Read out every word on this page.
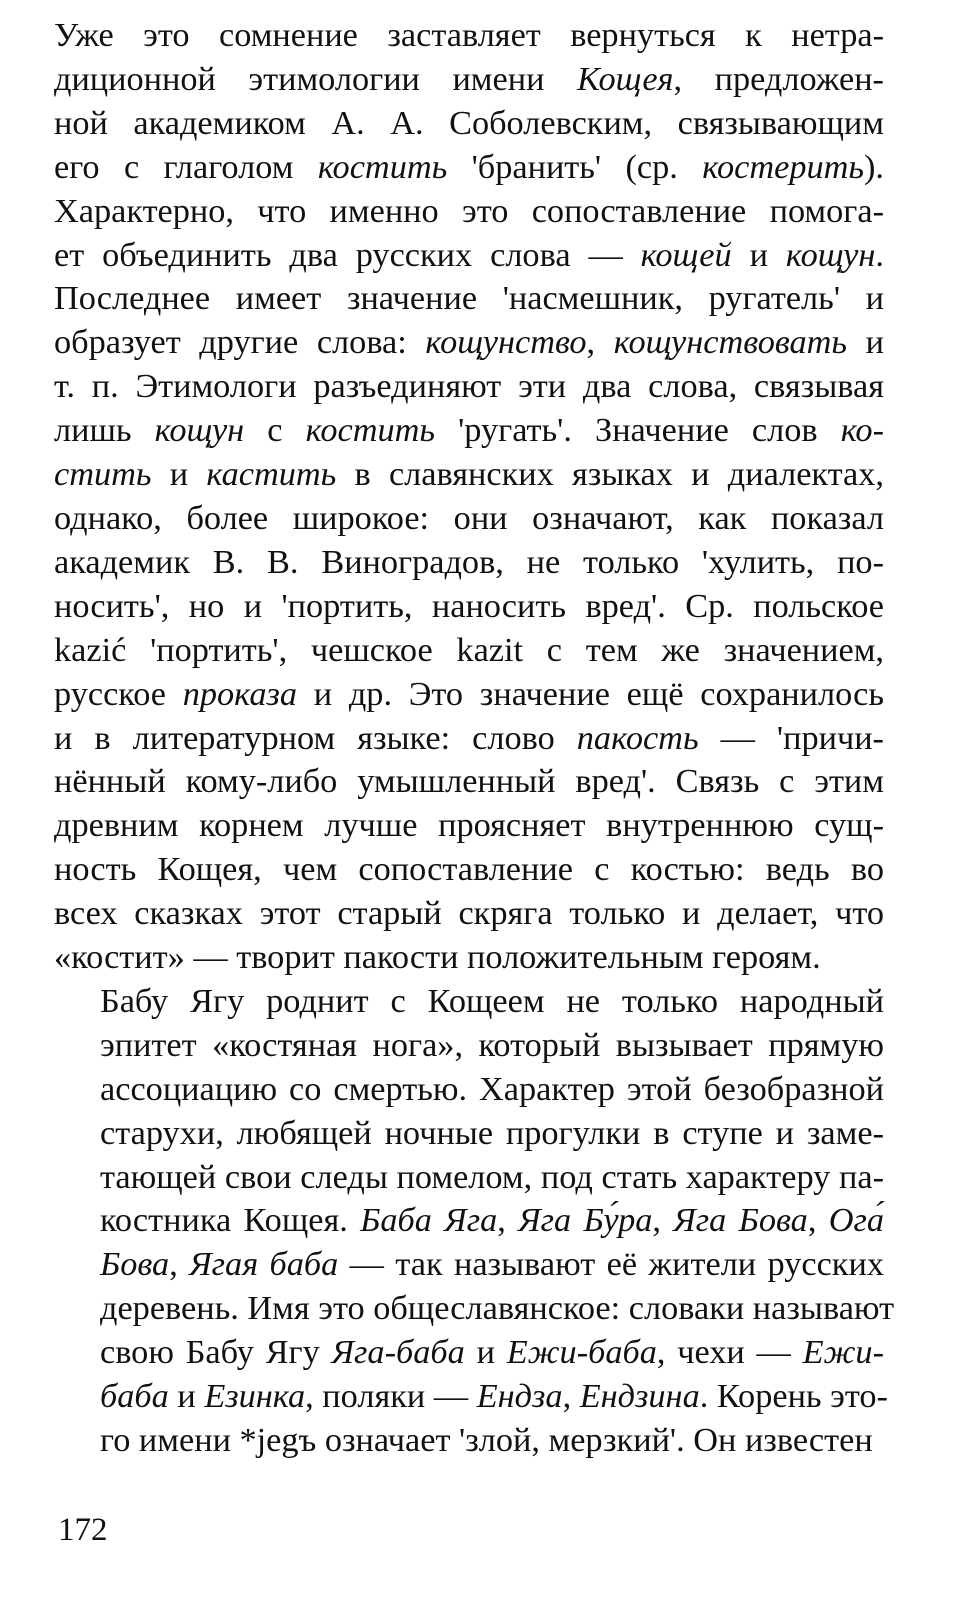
Уже это сомнение заставляет вернуться к нетра-
диционной этимологии имени Кощея, предложен-
ной академиком А. А. Соболевским, связывающим
его с глаголом костить 'бранить' (ср. костерить).
Характерно, что именно это сопоставление помога-
ет объединить два русских слова — кощей и кощун.
Последнее имеет значение 'насмешник, ругатель' и
образует другие слова: кощунство, кощунствовать и
т. п. Этимологи разъединяют эти два слова, связывая
лишь кощун с костить 'ругать'. Значение слов ко-
стить и кастить в славянских языках и диалектах,
однако, более широкое: они означают, как показал
академик В. В. Виноградов, не только 'хулить, по-
носить', но и 'портить, наносить вред'. Ср. польское
kazić 'портить', чешское kazit с тем же значением,
русское проказа и др. Это значение ещё сохранилось
и в литературном языке: слово пакость — 'причи-
нённый кому-либо умышленный вред'. Связь с этим
древним корнем лучше проясняет внутреннюю сущ-
ность Кощея, чем сопоставление с костью: ведь во
всех сказках этот старый скряга только и делает, что
«костит» — творит пакости положительным героям.

Бабу Ягу роднит с Кощеем не только народный
эпитет «костяная нога», который вызывает прямую
ассоциацию со смертью. Характер этой безобразной
старухи, любящей ночные прогулки в ступе и заме-
тающей свои следы помелом, под стать характеру па-
костника Кощея. Баба Яга, Яга Бу́ра, Яга Бова, Ога́
Бова, Ягая баба — так называют её жители русских
деревень. Имя это общеславянское: словаки называют
свою Бабу Ягу Яга-баба и Ежи-баба, чехи — Ежи-
баба и Езинка, поляки — Ендза, Ендзина. Корень это-
го имени *jegъ означает 'злой, мерзкий'. Он известен

172
